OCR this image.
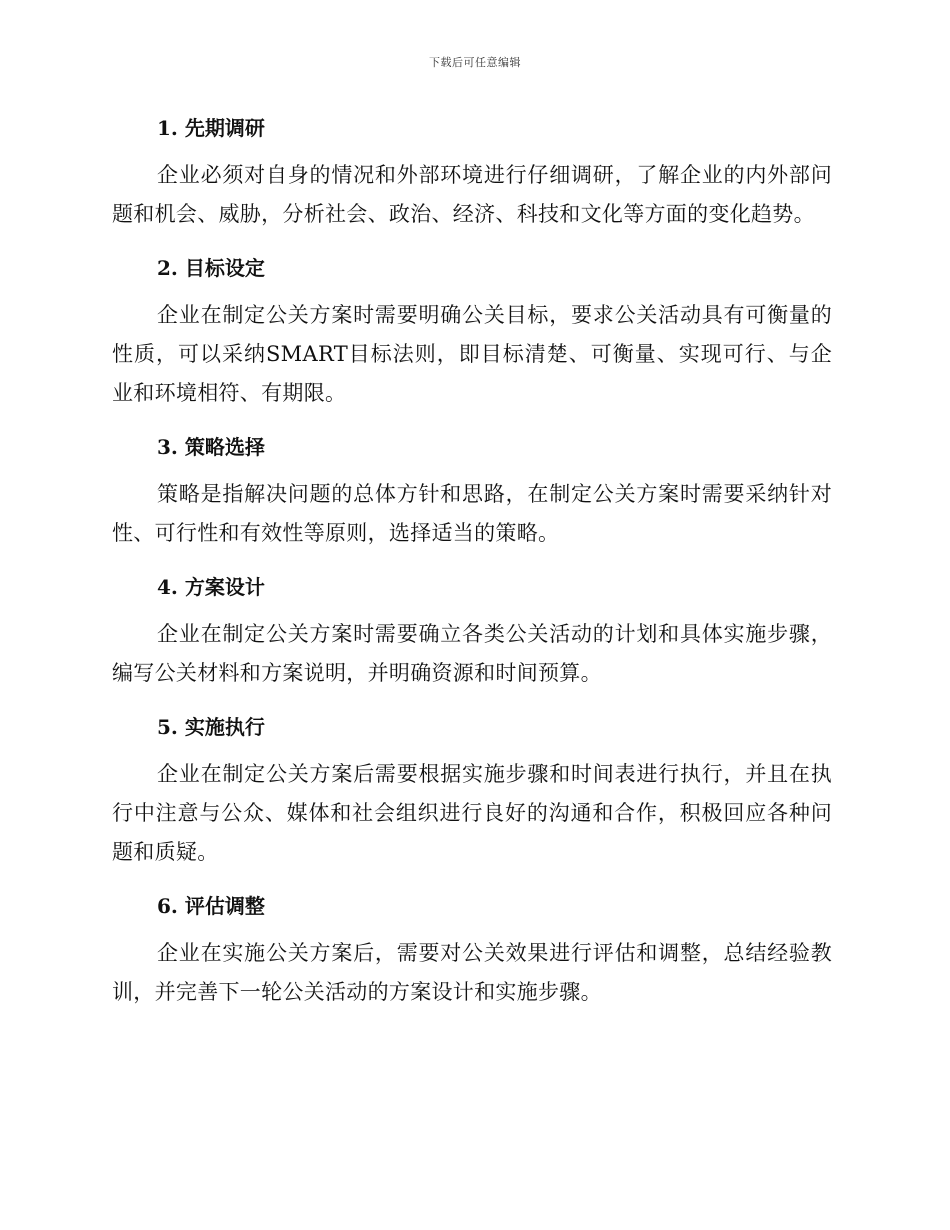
下载后可任意编辑
1. 先期调研

企业必须对自身的情况和外部环境进行仔细调研，了解企业的内外部问题和机会、威胁，分析社会、政治、经济、科技和文化等方面的变化趋势。

2. 目标设定

企业在制定公关方案时需要明确公关目标，要求公关活动具有可衡量的性质，可以采纳SMART目标法则，即目标清楚、可衡量、实现可行、与企业和环境相符、有期限。

3. 策略选择

策略是指解决问题的总体方针和思路，在制定公关方案时需要采纳针对性、可行性和有效性等原则，选择适当的策略。

4. 方案设计

企业在制定公关方案时需要确立各类公关活动的计划和具体实施步骤，编写公关材料和方案说明，并明确资源和时间预算。

5. 实施执行

企业在制定公关方案后需要根据实施步骤和时间表进行执行，并且在执行中注意与公众、媒体和社会组织进行良好的沟通和合作，积极回应各种问题和质疑。

6. 评估调整

企业在实施公关方案后，需要对公关效果进行评估和调整，总结经验教训，并完善下一轮公关活动的方案设计和实施步骤。
